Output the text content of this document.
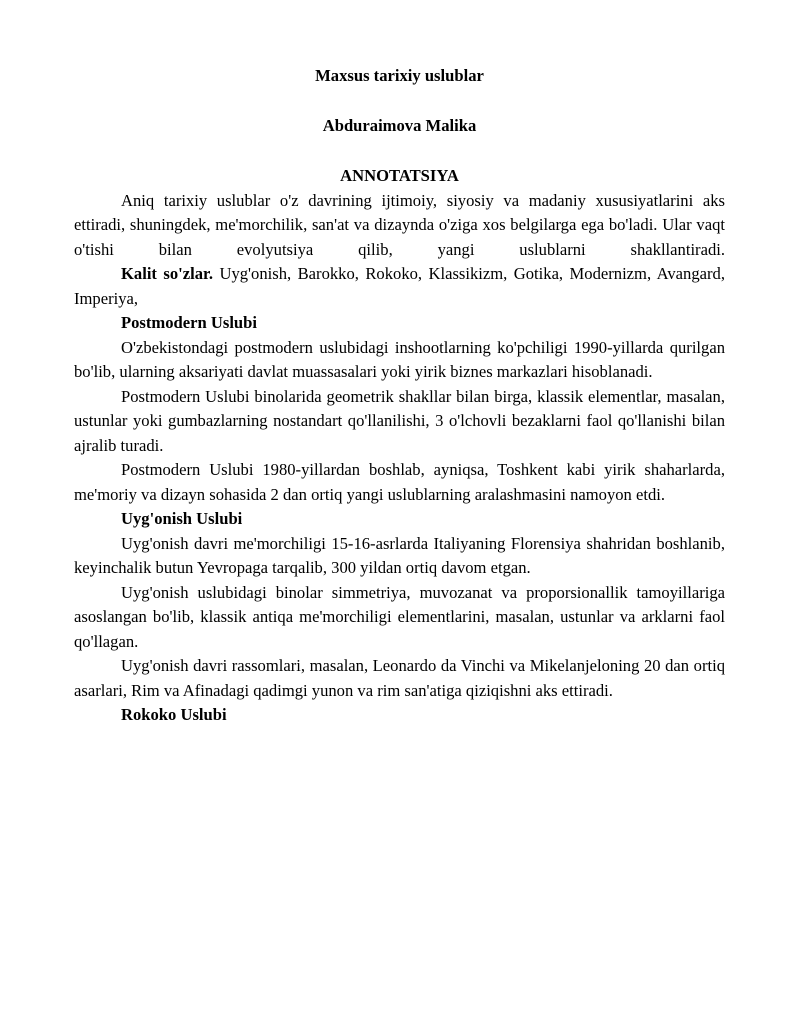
Maxsus tarixiy uslublar

Abduraimova Malika

ANNOTATSIYA

Aniq tarixiy uslublar o'z davrining ijtimoiy, siyosiy va madaniy xususiyatlarini aks ettiradi, shuningdek, me'morchilik, san'at va dizaynda o'ziga xos belgilarga ega bo'ladi. Ular vaqt o'tishi bilan evolyutsiya qilib, yangi uslublarni shakllantiradi.

Kalit so'zlar. Uyg'onish, Barokko, Rokoko, Klassikizm, Gotika, Modernizm, Avangard, Imperiya,

Postmodern Uslubi

O'zbekistondagi postmodern uslubidagi inshootlarning ko'pchiligi 1990-yillarda qurilgan bo'lib, ularning aksariyati davlat muassasalari yoki yirik biznes markazlari hisoblanadi.

Postmodern Uslubi binolarida geometrik shakllar bilan birga, klassik elementlar, masalan, ustunlar yoki gumbazlarning nostandart qo'llanilishi, 3 o'lchovli bezaklarni faol qo'llanishi bilan ajralib turadi.

Postmodern Uslubi 1980-yillardan boshlab, ayniqsa, Toshkent kabi yirik shaharlarda, me'moriy va dizayn sohasida 2 dan ortiq yangi uslublarning aralashmasini namoyon etdi.

Uyg'onish Uslubi

Uyg'onish davri me'morchiligi 15-16-asrlarda Italiyaning Florensiya shahridan boshlanib, keyinchalik butun Yevropaga tarqalib, 300 yildan ortiq davom etgan.

Uyg'onish uslubidagi binolar simmetriya, muvozanat va proporsionallik tamoyillariga asoslangan bo'lib, klassik antiqa me'morchiligi elementlarini, masalan, ustunlar va arklarni faol qo'llagan.

Uyg'onish davri rassomlari, masalan, Leonardo da Vinchi va Mikelanjeloning 20 dan ortiq asarlari, Rim va Afinadagi qadimgi yunon va rim san'atiga qiziqishni aks ettiradi.

Rokoko Uslubi
